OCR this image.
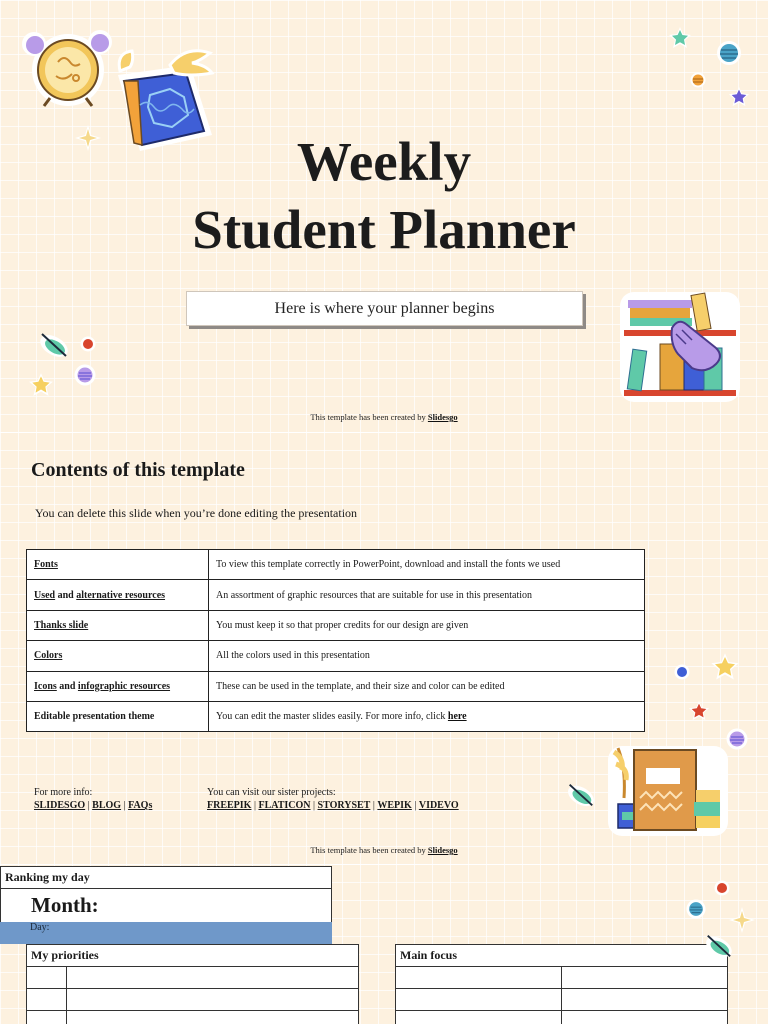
Weekly
Student Planner
Here is where your planner begins
This template has been created by Slidesgo
Contents of this template
You can delete this slide when you’re done editing the presentation
Fonts	To view this template correctly in PowerPoint, download and install the fonts we used
Used and alternative resources	An assortment of graphic resources that are suitable for use in this presentation
Thanks slide	You must keep it so that proper credits for our design are given
Colors	All the colors used in this presentation
Icons and infographic resources	These can be used in the template, and their size and color can be edited
Editable presentation theme	You can edit the master slides easily. For more info, click here
For more info:
SLIDESGO | BLOG | FAQs
You can visit our sister projects:
FREEPIK | FLATICON | STORYSET | WEPIK | VIDEVO
This template has been created by Slidesgo
Ranking my day
Month:
Day:
My priorities	

		Main focus	
